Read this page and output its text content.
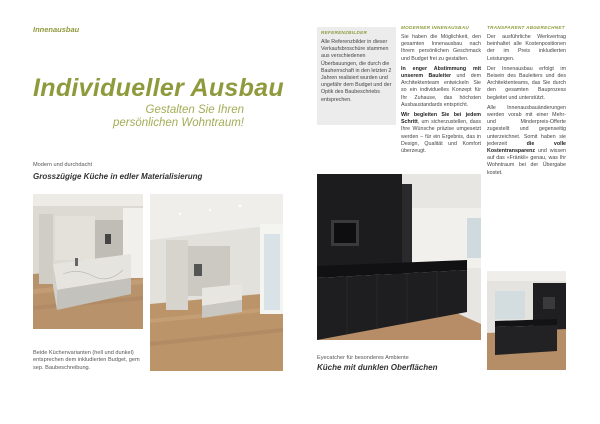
Innenausbau
Individueller Ausbau
Gestalten Sie Ihren
persönlichen Wohntraum!
REFERENZBILDER
Alle Referenzbilder in dieser Verkaufsbroschüre stammen aus verschiedenen Überbauungen, die durch die Bauherrschaft in den letzten 2 Jahren realisiert wurden und ungefähr dem Budget und der Optik des Baubeschriebs entsprechen.
MODERNER INNENAUSBAU
Sie haben die Möglichkeit, den gesamten Innenausbau nach Ihrem persönlichen Geschmack und Budget frei zu gestalten.
In enger Abstimmung mit unserem Bauleiter und dem Architektenteam entwickeln Sie so ein individuelles Konzept für Ihr Zuhause, das höchsten Ausbaustandards entspricht.
Wir begleiten Sie bei jedem Schritt, um sicherzustellen, dass Ihre Wünsche präzise umgesetzt werden – für ein Ergebnis, das in Design, Qualität und Komfort überzeugt.
TRANSPARENT ABGERECHNET
Der ausführliche Werkvertrag beinhaltet alle Kostenpositionen der im Preis inkludierten Leistungen.
Der Innenausbau erfolgt im Beisein des Bauleiters und des Architektenteams, das Sie durch den gesamten Bauprozess begleitet und unterstützt.
Alle Innenausbauänderungen werden vorab mit einer Mehr- und Minderpreis-Offerte zugestellt und gegenseitig unterzeichnet. Somit haben sie jederzeit die volle Kostentransparenz und wissen auf das «Fränkli» genau, was Ihr Wohntraum bei der Übergabe kostet.
Modern und durchdacht
Grosszügige Küche in edler Materialisierung
Beide Küchenvarianten (hell und dunkel) entsprechen dem inkludierten Budget, gem sep. Baubeschreibung.
Eyecatcher für besonderes Ambiente
Küche mit dunklen Oberflächen
